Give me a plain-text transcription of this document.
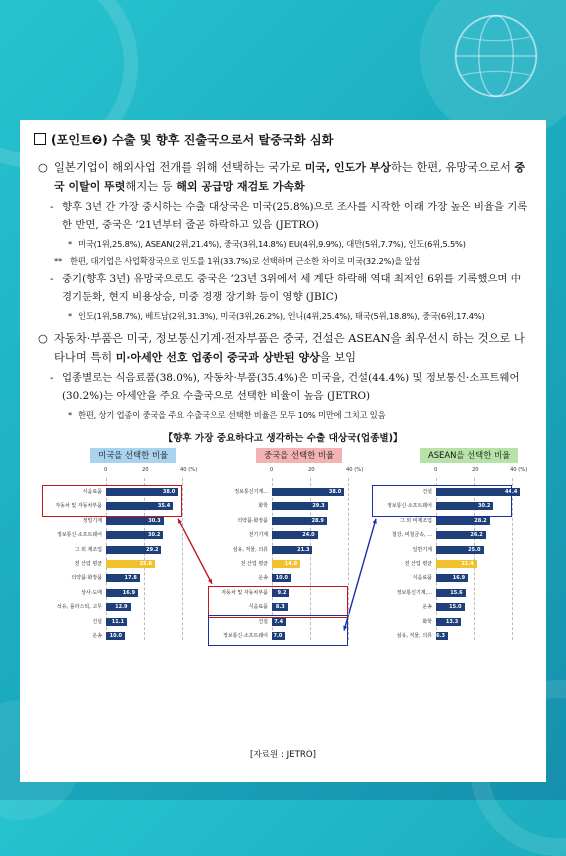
(포인트❷) 수출 및 향후 진출국으로서 탈중국화 심화

○ 일본기업이 해외사업 전개를 위해 선택하는 국가로 미국, 인도가 부상하는 한편, 유망국으로서 중국 이탈이 뚜렷해지는 등 해외 공급망 재검토 가속화

- 향후 3년 간 가장 중시하는 수출 대상국은 미국(25.8%)으로 조사를 시작한 이래 가장 높은 비율을 기록한 반면, 중국은 ’21년부터 줄곧 하락하고 있음 (JETRO)

* 미국(1위,25.8%), ASEAN(2위,21.4%), 중국(3위,14.8%) EU(4위,9.9%), 대만(5위,7.7%), 인도(6위,5.5%)

** 한편, 대기업은 사업확장국으로 인도를 1위(33.7%)로 선택하며 근소한 차이로 미국(32.2%)을 앞섬

- 중기(향후 3년) 유망국으로도 중국은 ’23년 3위에서 세 계단 하락해 역대 최저인 6위를 기록했으며 中 경기둔화, 현지 비용상승, 미중 경쟁 장기화 등이 영향 (JBIC)

* 인도(1위,58.7%), 베트남(2위,31.3%), 미국(3위,26.2%), 인니(4위,25.4%), 태국(5위,18.8%), 중국(6위,17.4%)

○ 자동차·부품은 미국, 정보통신기계·전자부품은 중국, 건설은 ASEAN을 최우선시 하는 것으로 나타나며 특히 미·아세안 선호 업종이 중국과 상반된 양상을 보임

- 업종별로는 식음료품(38.0%), 자동차·부품(35.4%)은 미국을, 건설(44.4%) 및 정보통신·소프트웨어(30.2%)는 아세안을 주요 수출국으로 선택한 비율이 높음 (JETRO)

* 한편, 상기 업종이 중국을 주요 수출국으로 선택한 비율은 모두 10% 미만에 그치고 있음

【향후 가장 중요하다고 생각하는 수출 대상국(업종별)】
미국을 선택한 비율
0	20	40 (%)
식음료품	38.0
자동차 및 자동차부품	35.4
정밀기계	30.3
정보통신·소프트웨어	30.2
그 외 제조업	29.2
전 산업 평균	25.8
의약품·화장품	17.8
상사·도매	16.9
석유, 플라스틱, 고무	12.9
건설 11.1
운송 10.0
중국을 선택한 비율
0	20	40 (%)
정보통신기계...	38.0
화학	29.3
의약품·화장품	28.9
전기기계	24.0
섬유, 직물, 의류	21.3
전 산업 평균	14.8
운송 10.0
자동차 및 자동차부품 9.2
식음료품 8.3
건설 7.4
정보통신·소프트웨어 7.0
ASEAN을 선택한 비율
0	20	40 (%)
건설	44.4
정보통신·소프트웨어	30.2
그 외 비제조업	28.2
철강, 비철금속, ...	26.2
일반기계	25.0
전 산업 평균	21.4
식음료품	16.9
정보통신기계,...	15.6
운송	15.0
화학	13.3
섬유, 직물, 의류 6.3
[자료원 : JETRO]
